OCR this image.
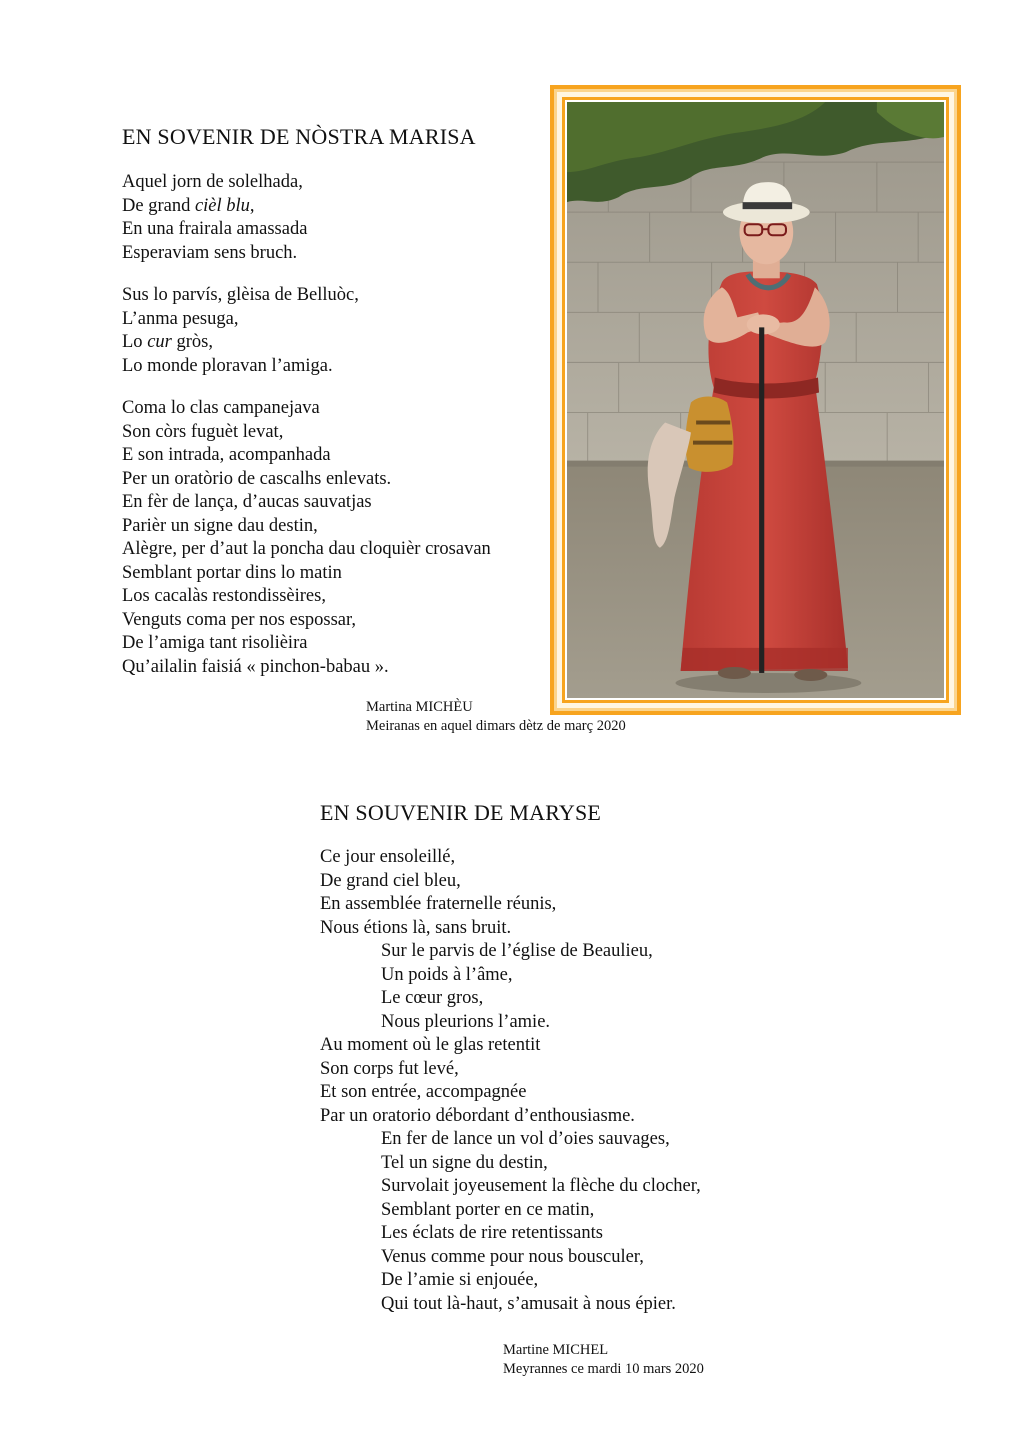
EN SOVENIR DE NÒSTRA MARISA
Aquel jorn de solelhada,
De grand cièl blu,
En una frairala amassada
Esperaviam sens bruch.
Sus lo parvís, glèisa de Belluòc,
L’anma pesuga,
Lo cur gròs,
Lo monde ploravan l’amiga.
Coma lo clas campanejava
Son còrs fuguèt levat,
E son intrada, acompanhada
Per un oratòrio de cascalhs enlevats.
En fèr de lança, d’aucas sauvatjas
Parièr un signe dau destin,
Alègre, per d’aut la poncha dau cloquièr crosavan
Semblant portar dins lo matin
Los cacalàs restondissèires,
Venguts coma per nos espossar,
De l’amiga tant risolièira
Qu’ailalin faisiá « pinchon-babau ».
Martina MICHÈU
Meiranas en aquel dimars dètz de març 2020
EN SOUVENIR DE MARYSE
Ce jour ensoleillé,
De grand ciel bleu,
En assemblée fraternelle réunis,
Nous étions là, sans bruit.
Sur le parvis de l’église de Beaulieu,
Un poids à l’âme,
Le cœur gros,
Nous pleurions l’amie.
Au moment où le glas retentit
Son corps fut levé,
Et son entrée, accompagnée
Par un oratorio débordant d’enthousiasme.
En fer de lance un vol d’oies sauvages,
Tel un signe du destin,
Survolait joyeusement la flèche du clocher,
Semblant porter en ce matin,
Les éclats de rire retentissants
Venus comme pour nous bousculer,
De l’amie si enjouée,
Qui tout là-haut, s’amusait à nous épier.
Martine MICHEL
Meyrannes ce mardi 10 mars 2020
